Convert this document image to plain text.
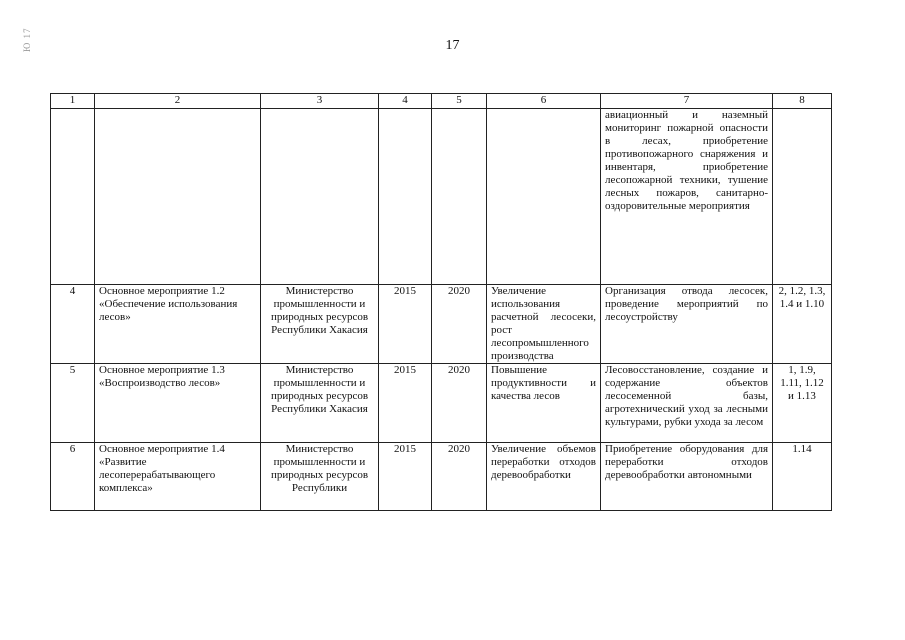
17
Ю 17
1	2	3	4	5	6	7	8
						авиационный и наземный мониторинг пожарной опасности в лесах, приобретение противопожарного снаряжения и инвентаря, приобретение лесопожарной техники, тушение лесных пожаров, санитарно-оздоровительные мероприятия	
4	Основное мероприятие 1.2 «Обеспечение использования лесов»	Министерство промышленности и природных ресурсов Республики Хакасия	2015	2020	Увеличение использования расчетной лесосеки, рост лесопромышленного производства	Организация отвода лесосек, проведение мероприятий по лесоустройству	2, 1.2, 1.3, 1.4 и 1.10
5	Основное мероприятие 1.3 «Воспроизводство лесов»	Министерство промышленности и природных ресурсов Республики Хакасия	2015	2020	Повышение продуктивности и качества лесов	Лесовосстановление, создание и содержание объектов лесосеменной базы, агротехнический уход за лесными культурами, рубки ухода за лесом	1, 1.9, 1.11, 1.12 и 1.13
6	Основное мероприятие 1.4 «Развитие лесоперерабатывающего комплекса»	Министерство промышленности и природных ресурсов Республики	2015	2020	Увеличение объемов переработки отходов деревообработки	Приобретение оборудования для переработки отходов деревообработки автономными	1.14
